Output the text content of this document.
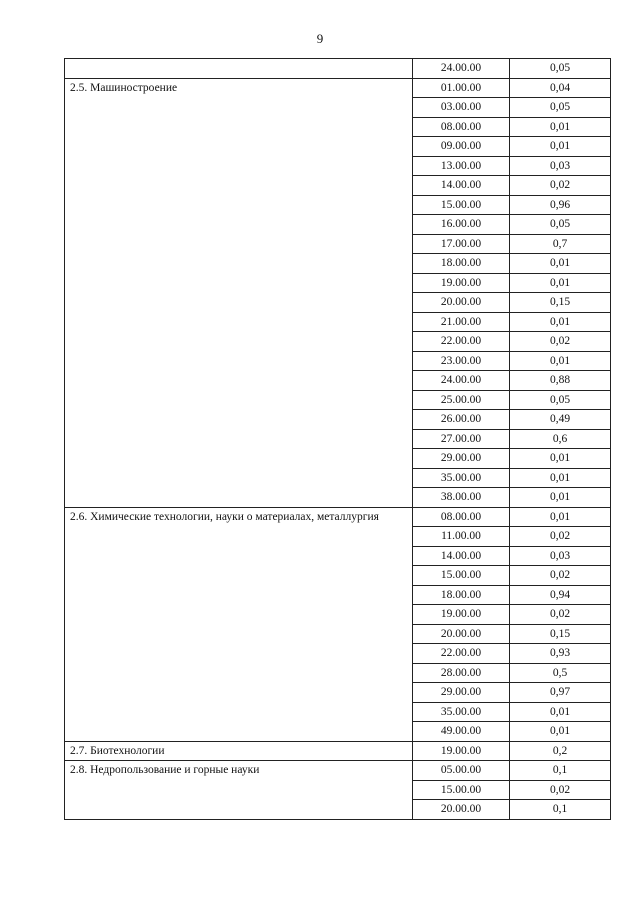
9
	24.00.00	0,05

2.5. Машиностроение	01.00.00	0,04
	03.00.00	0,05
	08.00.00	0,01
	09.00.00	0,01
	13.00.00	0,03
	14.00.00	0,02
	15.00.00	0,96
	16.00.00	0,05
	17.00.00	0,7
	18.00.00	0,01
	19.00.00	0,01
	20.00.00	0,15
	21.00.00	0,01
	22.00.00	0,02
	23.00.00	0,01
	24.00.00	0,88
	25.00.00	0,05
	26.00.00	0,49
	27.00.00	0,6
	29.00.00	0,01
	35.00.00	0,01
	38.00.00	0,01

2.6. Химические технологии, науки о материалах, металлургия	08.00.00	0,01
	11.00.00	0,02
	14.00.00	0,03
	15.00.00	0,02
	18.00.00	0,94
	19.00.00	0,02
	20.00.00	0,15
	22.00.00	0,93
	28.00.00	0,5
	29.00.00	0,97
	35.00.00	0,01
	49.00.00	0,01

2.7. Биотехнологии	19.00.00	0,2

2.8. Недропользование и горные науки	05.00.00	0,1
	15.00.00	0,02
	20.00.00	0,1
